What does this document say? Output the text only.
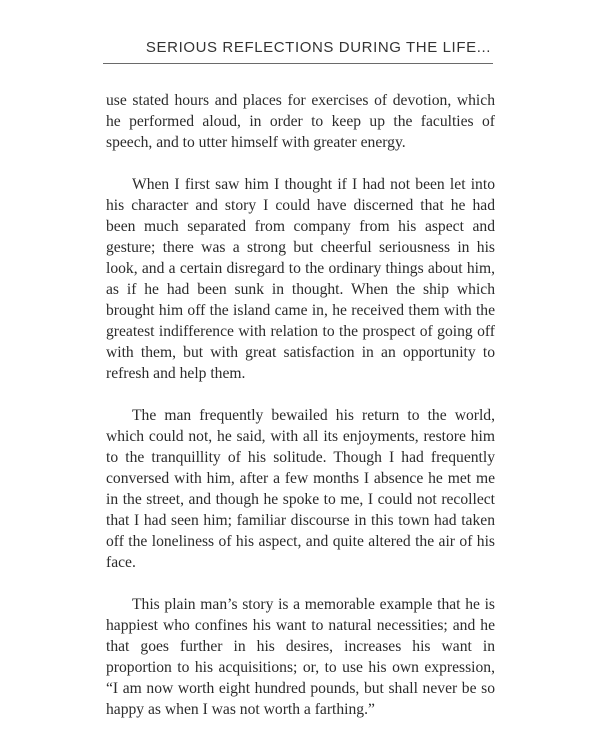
SERIOUS REFLECTIONS DURING THE LIFE...

use stated hours and places for exercises of devotion, which he performed aloud, in order to keep up the faculties of speech, and to utter himself with greater energy.

When I first saw him I thought if I had not been let into his character and story I could have discerned that he had been much separated from company from his aspect and gesture; there was a strong but cheerful seriousness in his look, and a certain disregard to the ordinary things about him, as if he had been sunk in thought. When the ship which brought him off the island came in, he received them with the greatest indifference with relation to the prospect of going off with them, but with great satisfaction in an opportunity to refresh and help them.

The man frequently bewailed his return to the world, which could not, he said, with all its enjoyments, restore him to the tranquillity of his solitude. Though I had frequently conversed with him, after a few months I absence he met me in the street, and though he spoke to me, I could not recollect that I had seen him; familiar discourse in this town had taken off the loneliness of his aspect, and quite altered the air of his face.

This plain man’s story is a memorable example that he is happiest who confines his want to natural necessities; and he that goes further in his desires, increases his want in proportion to his acquisitions; or, to use his own expression, “I am now worth eight hundred pounds, but shall never be so happy as when I was not worth a farthing.”
